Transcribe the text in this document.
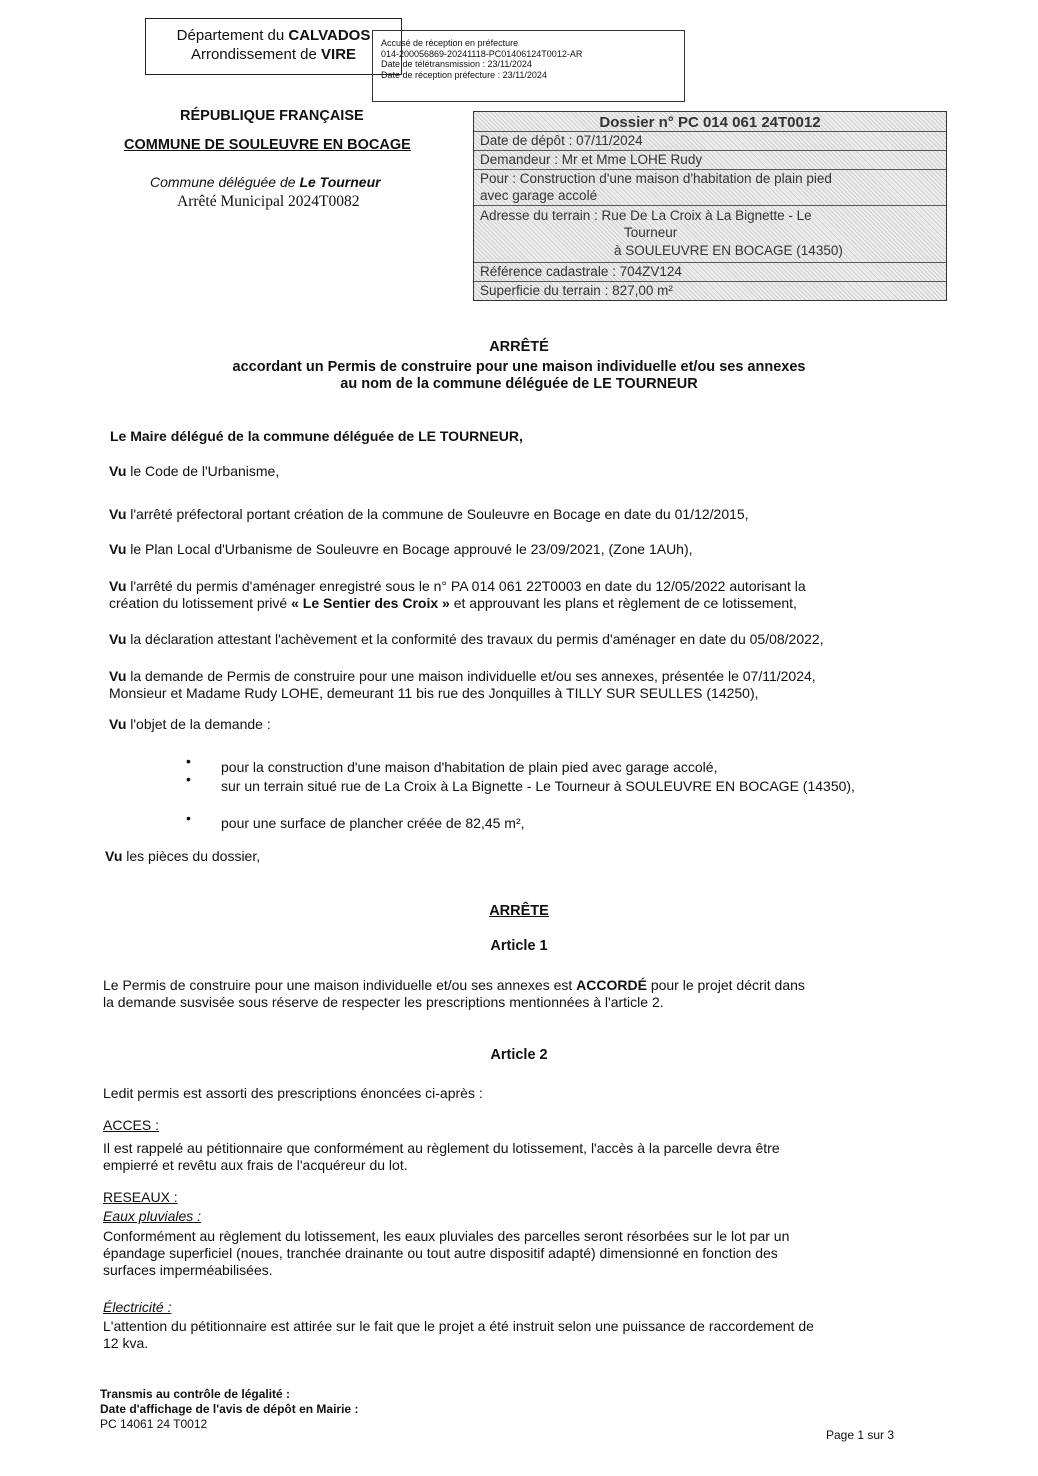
Département du CALVADOS
Arrondissement de VIRE
Accusé de réception en préfecture
014-200056869-20241118-PC01406124T0012-AR
Date de télétransmission : 23/11/2024
Date de réception préfecture : 23/11/2024
RÉPUBLIQUE FRANÇAISE
COMMUNE DE SOULEUVRE EN BOCAGE
Commune déléguée de Le Tourneur
Arrêté Municipal 2024T0082
Dossier n° PC 014 061 24T0012
Date de dépôt : 07/11/2024
Demandeur : Mr et Mme LOHE Rudy
Pour : Construction d'une maison d'habitation de plain pied
avec garage accolé
Adresse du terrain : Rue De La Croix à La Bignette - Le
Tourneur
à SOULEUVRE EN BOCAGE (14350)
Référence cadastrale : 704ZV124
Superficie du terrain : 827,00 m²
ARRÊTÉ
accordant un Permis de construire pour une maison individuelle et/ou ses annexes
au nom de la commune déléguée de LE TOURNEUR
Le Maire délégué de la commune déléguée de LE TOURNEUR,
Vu le Code de l'Urbanisme,
Vu l'arrêté préfectoral portant création de la commune de Souleuvre en Bocage en date du 01/12/2015,
Vu le Plan Local d'Urbanisme de Souleuvre en Bocage approuvé le 23/09/2021, (Zone 1AUh),
Vu l'arrêté du permis d'aménager enregistré sous le n° PA 014 061 22T0003 en date du 12/05/2022 autorisant la
création du lotissement privé « Le Sentier des Croix » et approuvant les plans et règlement de ce lotissement,
Vu la déclaration attestant l'achèvement et la conformité des travaux du permis d'aménager en date du 05/08/2022,
Vu la demande de Permis de construire pour une maison individuelle et/ou ses annexes, présentée le 07/11/2024,
Monsieur et Madame Rudy LOHE, demeurant 11 bis rue des Jonquilles à TILLY SUR SEULLES (14250),
Vu l'objet de la demande :
• pour la construction d'une maison d'habitation de plain pied avec garage accolé,
• sur un terrain situé rue de La Croix à La Bignette - Le Tourneur à SOULEUVRE EN BOCAGE (14350),
• pour une surface de plancher créée de 82,45 m²,
Vu les pièces du dossier,
ARRÊTE
Article 1
Le Permis de construire pour une maison individuelle et/ou ses annexes est ACCORDÉ pour le projet décrit dans
la demande susvisée sous réserve de respecter les prescriptions mentionnées à l'article 2.
Article 2
Ledit permis est assorti des prescriptions énoncées ci-après :
ACCES :
Il est rappelé au pétitionnaire que conformément au règlement du lotissement, l'accès à la parcelle devra être
empierré et revêtu aux frais de l'acquéreur du lot.
RESEAUX :
Eaux pluviales :
Conformément au règlement du lotissement, les eaux pluviales des parcelles seront résorbées sur le lot par un
épandage superficiel (noues, tranchée drainante ou tout autre dispositif adapté) dimensionné en fonction des
surfaces imperméabilisées.
Électricité :
L'attention du pétitionnaire est attirée sur le fait que le projet a été instruit selon une puissance de raccordement de
12 kva.
Transmis au contrôle de légalité :
Date d'affichage de l'avis de dépôt en Mairie :
PC 14061 24 T0012
Page 1 sur 3
